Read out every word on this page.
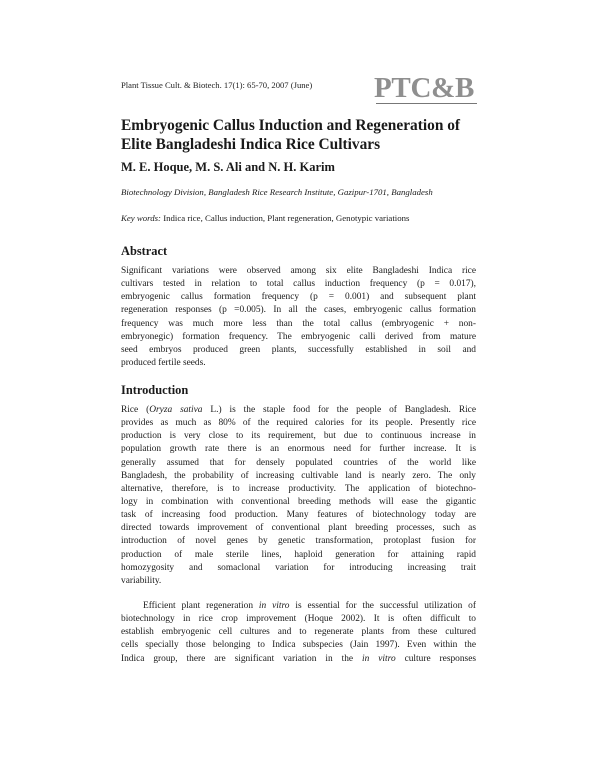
Plant Tissue Cult. & Biotech. 17(1): 65-70, 2007 (June) PTC&B
Embryogenic Callus Induction and Regeneration of
Elite Bangladeshi Indica Rice Cultivars

M. E. Hoque, M. S. Ali and N. H. Karim

Biotechnology Division, Bangladesh Rice Research Institute, Gazipur-1701, Bangladesh

Key words: Indica rice, Callus induction, Plant regeneration, Genotypic variations

Abstract
Significant variations were observed among six elite Bangladeshi Indica rice
cultivars tested in relation to total callus induction frequency (p = 0.017),
embryogenic callus formation frequency (p = 0.001) and subsequent plant
regeneration responses (p =0.005). In all the cases, embryogenic callus formation
frequency was much more less than the total callus (embryogenic + non-
embryonegic) formation frequency. The embryogenic calli derived from mature
seed embryos produced green plants, successfully established in soil and
produced fertile seeds.
Introduction
Rice (Oryza sativa L.) is the staple food for the people of Bangladesh. Rice
provides as much as 80% of the required calories for its people. Presently rice
production is very close to its requirement, but due to continuous increase in
population growth rate there is an enormous need for further increase. It is
generally assumed that for densely populated countries of the world like
Bangladesh, the probability of increasing cultivable land is nearly zero. The only
alternative, therefore, is to increase productivity. The application of biotechno-
logy in combination with conventional breeding methods will ease the gigantic
task of increasing food production. Many features of biotechnology today are
directed towards improvement of conventional plant breeding processes, such as
introduction of novel genes by genetic transformation, protoplast fusion for
production of male sterile lines, haploid generation for attaining rapid
homozygosity and somaclonal variation for introducing increasing trait
variability.
Efficient plant regeneration in vitro is essential for the successful utilization of
biotechnology in rice crop improvement (Hoque 2002). It is often difficult to
establish embryogenic cell cultures and to regenerate plants from these cultured
cells specially those belonging to Indica subspecies (Jain 1997). Even within the
Indica group, there are significant variation in the in vitro culture responses
